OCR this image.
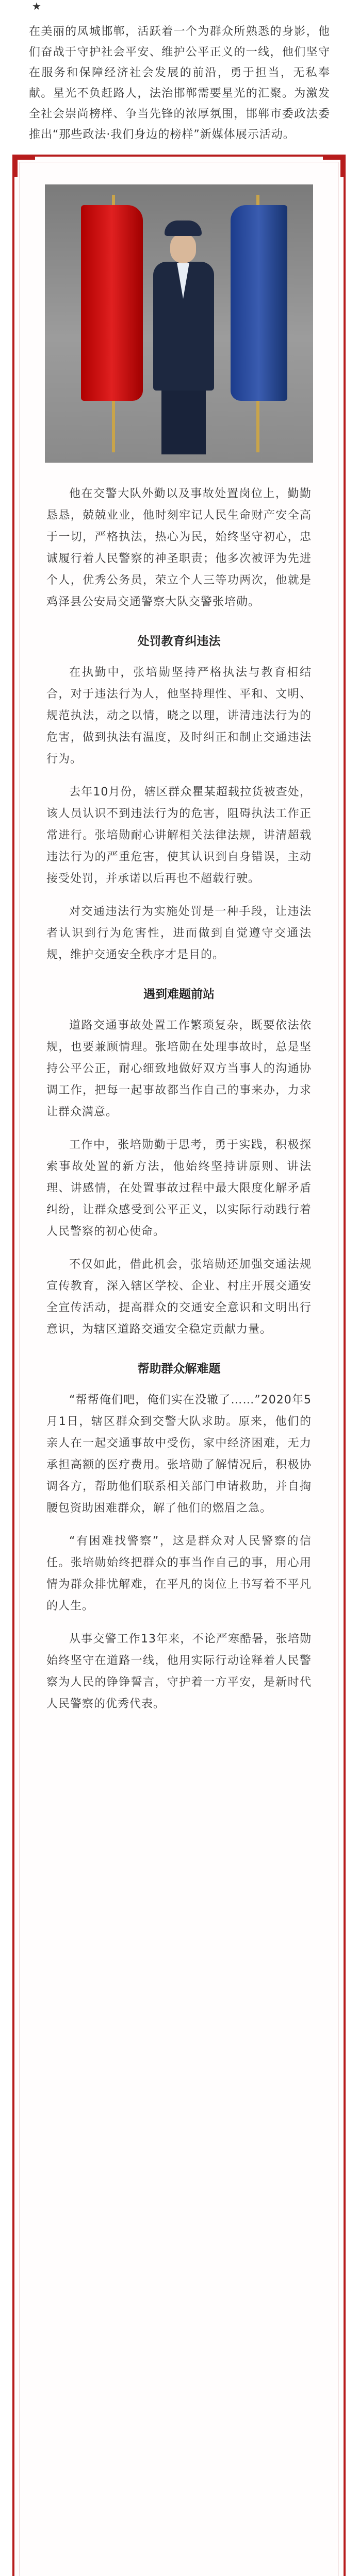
★

在美丽的凤城邯郸，活跃着一个为群众所熟悉的身影，他们奋战于守护社会平安、维护公平正义的一线，他们坚守在服务和保障经济社会发展的前沿，勇于担当，无私奉献。星光不负赶路人，法治邯郸需要星光的汇聚。为激发全社会崇尚榜样、争当先锋的浓厚氛围，邯郸市委政法委推出“那些政法·我们身边的榜样”新媒体展示活动。

他在交警大队外勤以及事故处置岗位上，勤勤恳恳，兢兢业业，他时刻牢记人民生命财产安全高于一切，严格执法，热心为民，始终坚守初心，忠诚履行着人民警察的神圣职责；他多次被评为先进个人，优秀公务员，荣立个人三等功两次，他就是鸡泽县公安局交通警察大队交警张培勋。

处罚教育纠违法

在执勤中，张培勋坚持严格执法与教育相结合，对于违法行为人，他坚持理性、平和、文明、规范执法，动之以情，晓之以理，讲清违法行为的危害，做到执法有温度，及时纠正和制止交通违法行为。

去年10月份，辖区群众瞿某超载拉货被查处，该人员认识不到违法行为的危害，阻碍执法工作正常进行。张培勋耐心讲解相关法律法规，讲清超载违法行为的严重危害，使其认识到自身错误，主动接受处罚，并承诺以后再也不超载行驶。

对交通违法行为实施处罚是一种手段，让违法者认识到行为危害性，进而做到自觉遵守交通法规，维护交通安全秩序才是目的。

遇到难题前站

道路交通事故处置工作繁琐复杂，既要依法依规，也要兼顾情理。张培勋在处理事故时，总是坚持公平公正，耐心细致地做好双方当事人的沟通协调工作，把每一起事故都当作自己的事来办，力求让群众满意。

工作中，张培勋勤于思考，勇于实践，积极探索事故处置的新方法，他始终坚持讲原则、讲法理、讲感情，在处置事故过程中最大限度化解矛盾纠纷，让群众感受到公平正义，以实际行动践行着人民警察的初心使命。

不仅如此，借此机会，张培勋还加强交通法规宣传教育，深入辖区学校、企业、村庄开展交通安全宣传活动，提高群众的交通安全意识和文明出行意识，为辖区道路交通安全稳定贡献力量。

帮助群众解难题

“帮帮俺们吧，俺们实在没辙了……”2020年5月1日，辖区群众到交警大队求助。原来，他们的亲人在一起交通事故中受伤，家中经济困难，无力承担高额的医疗费用。张培勋了解情况后，积极协调各方，帮助他们联系相关部门申请救助，并自掏腰包资助困难群众，解了他们的燃眉之急。

“有困难找警察”，这是群众对人民警察的信任。张培勋始终把群众的事当作自己的事，用心用情为群众排忧解难，在平凡的岗位上书写着不平凡的人生。

从事交警工作13年来，不论严寒酷暑，张培勋始终坚守在道路一线，他用实际行动诠释着人民警察为人民的铮铮誓言，守护着一方平安，是新时代人民警察的优秀代表。
